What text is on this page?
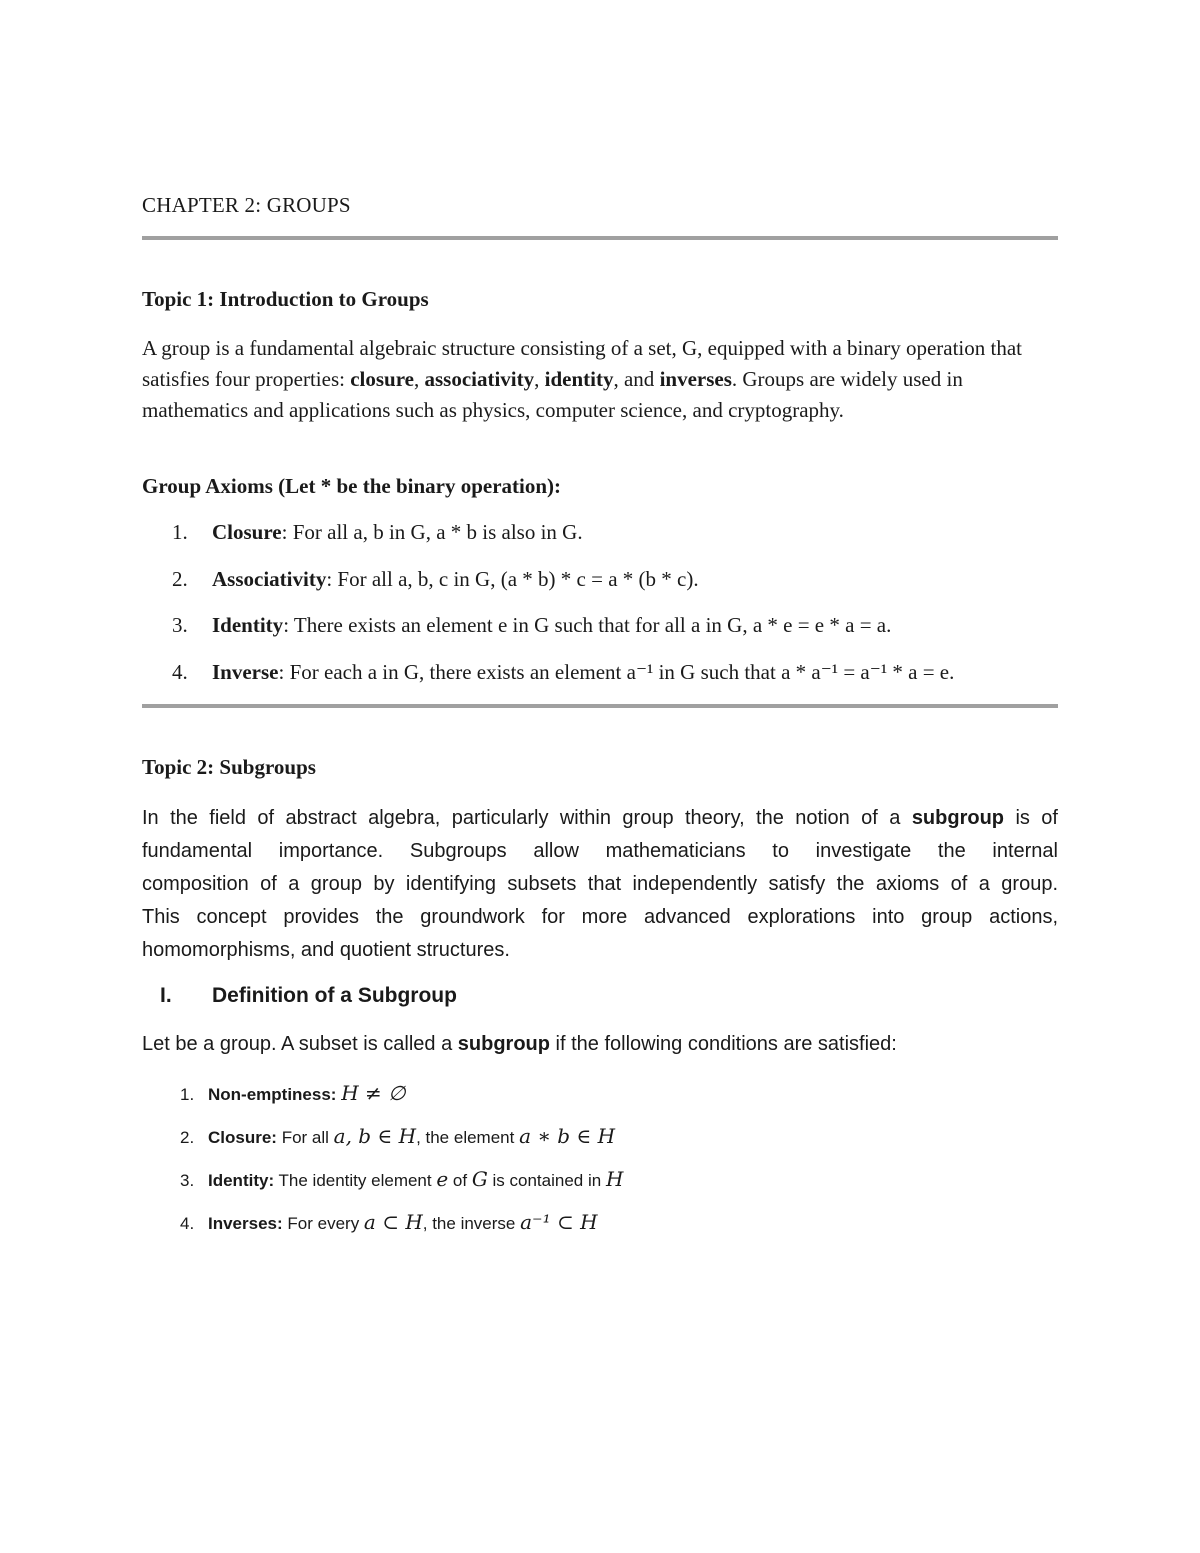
CHAPTER 2: GROUPS
Topic 1: Introduction to Groups
A group is a fundamental algebraic structure consisting of a set, G, equipped with a binary operation that satisfies four properties: closure, associativity, identity, and inverses. Groups are widely used in mathematics and applications such as physics, computer science, and cryptography.
Group Axioms (Let * be the binary operation):
1. Closure: For all a, b in G, a * b is also in G.
2. Associativity: For all a, b, c in G, (a * b) * c = a * (b * c).
3. Identity: There exists an element e in G such that for all a in G, a * e = e * a = a.
4. Inverse: For each a in G, there exists an element a⁻¹ in G such that a * a⁻¹ = a⁻¹ * a = e.
Topic 2: Subgroups
In the field of abstract algebra, particularly within group theory, the notion of a subgroup is of
fundamental importance. Subgroups allow mathematicians to investigate the internal
composition of a group by identifying subsets that independently satisfy the axioms of a group.
This concept provides the groundwork for more advanced explorations into group actions,
homomorphisms, and quotient structures.
I. Definition of a Subgroup
Let be a group. A subset is called a subgroup if the following conditions are satisfied:
1. Non-emptiness: H ≠ ∅
2. Closure: For all a, b ∈ H, the element a ∗ b ∈ H
3. Identity: The identity element e of G is contained in H
4. Inverses: For every a ⊂ H, the inverse a⁻¹ ⊂ H
